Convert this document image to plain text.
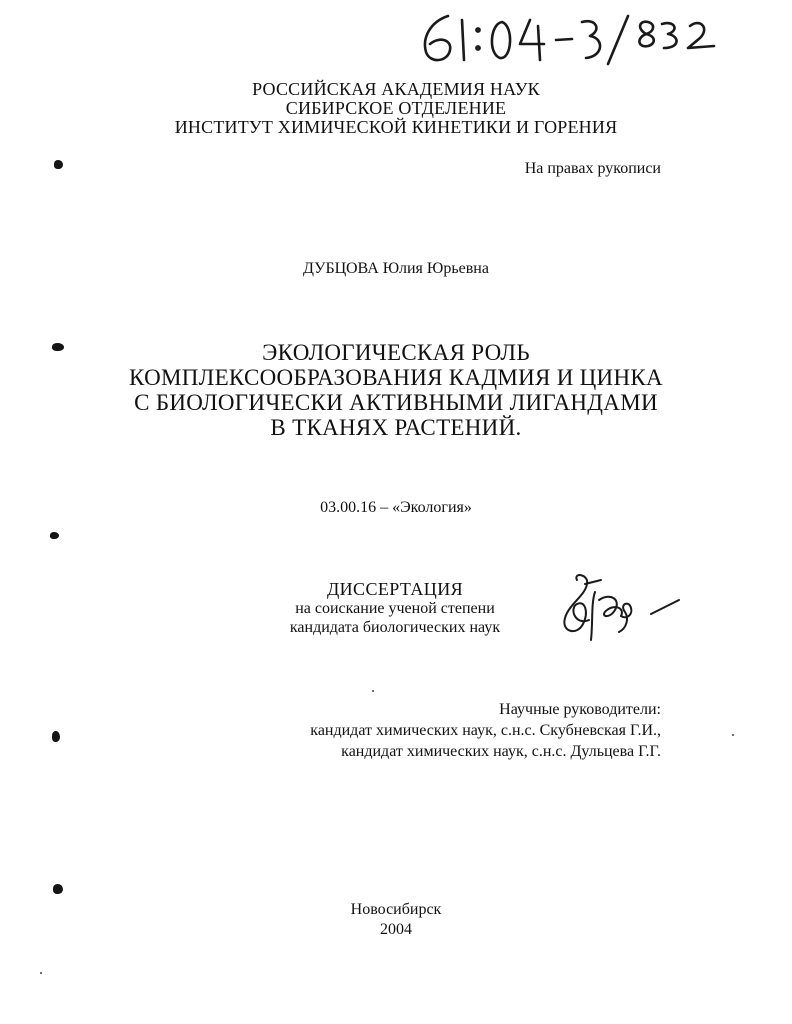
РОССИЙСКАЯ АКАДЕМИЯ НАУК
СИБИРСКОЕ ОТДЕЛЕНИЕ
ИНСТИТУТ ХИМИЧЕСКОЙ КИНЕТИКИ И ГОРЕНИЯ
На правах рукописи
ДУБЦОВА Юлия Юрьевна
ЭКОЛОГИЧЕСКАЯ РОЛЬ
КОМПЛЕКСООБРАЗОВАНИЯ КАДМИЯ И ЦИНКА
С БИОЛОГИЧЕСКИ АКТИВНЫМИ ЛИГАНДАМИ
В ТКАНЯХ РАСТЕНИЙ.
03.00.16 – «Экология»
ДИССЕРТАЦИЯ
на соискание ученой степени
кандидата биологических наук
Научные руководители:
кандидат химических наук, с.н.с. Скубневская Г.И.,
кандидат химических наук, с.н.с. Дульцева Г.Г.
Новосибирск
2004
